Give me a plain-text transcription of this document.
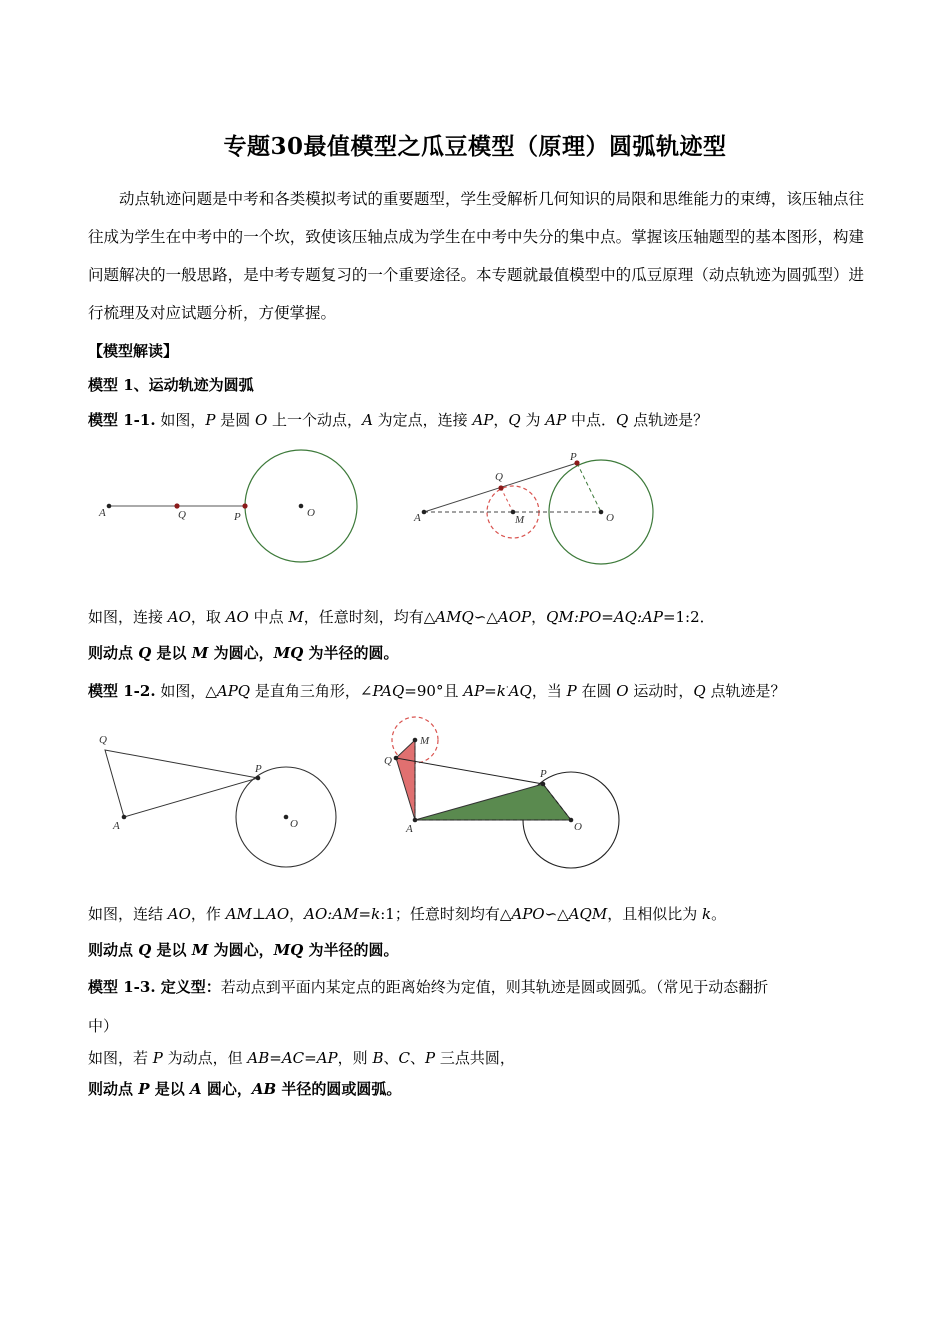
专题30最值模型之瓜豆模型（原理）圆弧轨迹型
动点轨迹问题是中考和各类模拟考试的重要题型，学生受解析几何知识的局限和思维能力的束缚，该压轴点往往成为学生在中考中的一个坎，致使该压轴点成为学生在中考中失分的集中点。掌握该压轴题型的基本图形，构建问题解决的一般思路，是中考专题复习的一个重要途径。本专题就最值模型中的瓜豆原理（动点轨迹为圆弧型）进行梳理及对应试题分析，方便掌握。
【模型解读】
模型 1、运动轨迹为圆弧
模型 1-1. 如图，P 是圆 O 上一个动点，A 为定点，连接 AP，Q 为 AP 中点．Q 点轨迹是？
A	Q	P	O	A
Q
P
M	O
如图，连接 AO，取 AO 中点 M，任意时刻，均有△AMQ∽△AOP，QM:PO=AQ:AP=1:2．
则动点 Q 是以 M 为圆心，MQ 为半径的圆。
模型 1-2. 如图，△APQ 是直角三角形，∠PAQ=90°且 AP=k·AQ，当 P 在圆 O 运动时，Q 点轨迹是？
Q
A
P
O	A
Q
M
P
O
如图，连结 AO，作 AM⊥AO，AO:AM=k:1；任意时刻均有△APO∽△AQM，且相似比为 k。
则动点 Q 是以 M 为圆心，MQ 为半径的圆。
模型 1-3. 定义型：若动点到平面内某定点的距离始终为定值，则其轨迹是圆或圆弧。（常见于动态翻折
中）
如图，若 P 为动点，但 AB=AC=AP，则 B、C、P 三点共圆，
则动点 P 是以 A 圆心，AB 半径的圆或圆弧。
